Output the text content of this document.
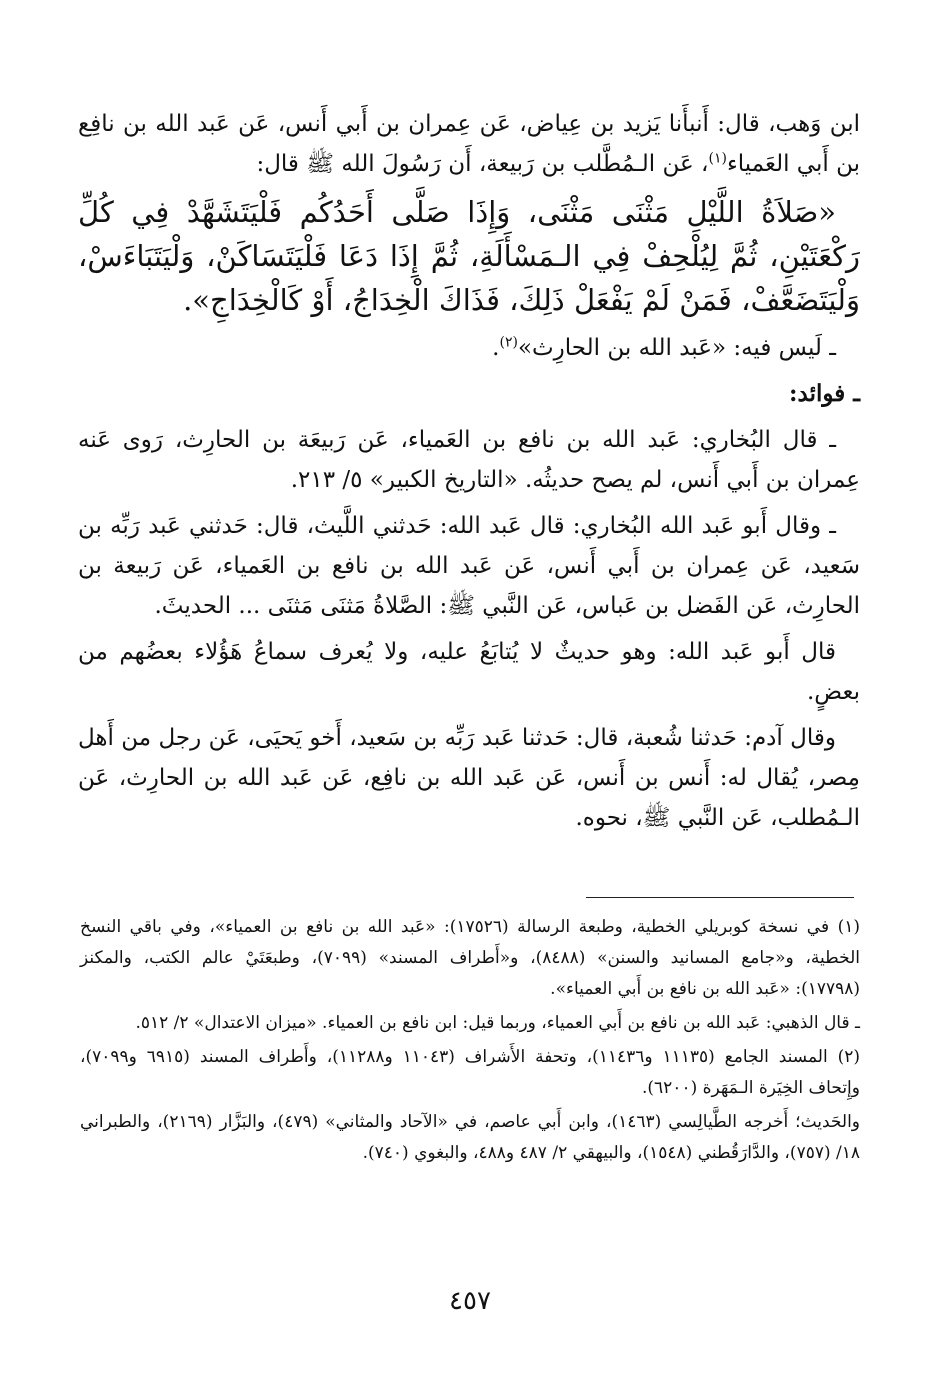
ابن وَهب، قال: أَنبأَنا يَزيد بن عِياض، عَن عِمران بن أَبي أَنس، عَن عَبد الله بن نافِع بن أَبي العَمياء$^{(١)}$، عَن الـمُطَّلب بن رَبيعة، أَن رَسُولَ الله ﷺ قال:

«صَلاَةُ اللَّيْلِ مَثْنَى مَثْنَى، وَإِذَا صَلَّى أَحَدُكُم فَلْيَتَشَهَّدْ فِي كُلِّ رَكْعَتَيْنِ، ثُمَّ لِيُلْحِفْ فِي الـمَسْأَلَةِ، ثُمَّ إِذَا دَعَا فَلْيَتَسَاكَنْ، وَلْيَتَبَاءَسْ، وَلْيَتَضَعَّفْ، فَمَنْ لَمْ يَفْعَلْ ذَلِكَ، فَذَاكَ الْخِدَاجُ، أَوْ كَالْخِدَاجِ».

ـ لَيس فيه: «عَبد الله بن الحارِث»$^{(٢)}$.

ـ فوائد:

ـ قال البُخاري: عَبد الله بن نافع بن العَمياء، عَن رَبيعَة بن الحارِث، رَوى عَنه عِمران بن أَبي أَنس، لم يصح حديثُه. «التاريخ الكبير» ٥/ ٢١٣.

ـ وقال أَبو عَبد الله البُخاري: قال عَبد الله: حَدثني اللَّيث، قال: حَدثني عَبد رَبِّه بن سَعيد، عَن عِمران بن أَبي أَنس، عَن عَبد الله بن نافع بن العَمياء، عَن رَبيعة بن الحارِث، عَن الفَضل بن عَباس، عَن النَّبي ﷺ: الصَّلاةُ مَثنَى مَثنَى ... الحديثَ.

قال أَبو عَبد الله: وهو حديثٌ لا يُتابَعُ عليه، ولا يُعرف سماعُ هَؤُلاء بعضُهم من بعضٍ.

وقال آدم: حَدثنا شُعبة، قال: حَدثنا عَبد رَبِّه بن سَعيد، أَخو يَحيَى، عَن رجل من أَهل مِصر، يُقال له: أَنس بن أَنس، عَن عَبد الله بن نافِع، عَن عَبد الله بن الحارِث، عَن الـمُطلب، عَن النَّبي ﷺ، نحوه.

(١) في نسخة كوبريلي الخطية، وطبعة الرسالة (١٧٥٢٦): «عَبد الله بن نافع بن العمياء»، وفي باقي النسخ الخطية، و«جامع المسانيد والسنن» (٨٤٨٨)، و«أَطراف المسند» (٧٠٩٩)، وطبعَتَيْ عالم الكتب، والمكنز (١٧٧٩٨): «عَبد الله بن نافع بن أَبي العمياء».

ـ قال الذهبي: عَبد الله بن نافع بن أَبي العمياء، وربما قيل: ابن نافع بن العمياء. «ميزان الاعتدال» ٢/ ٥١٢.

(٢) المسند الجامع (١١١٣٥ و١١٤٣٦)، وتحفة الأَشراف (١١٠٤٣ و١١٢٨٨)، وأَطراف المسند (٦٩١٥ و٧٠٩٩)، وإِتحاف الخِيَرة الـمَهَرة (٦٢٠٠).

والحَديث؛ أَخرجه الطَّيالِسي (١٤٦٣)، وابن أَبي عاصم، في «الآحاد والمثاني» (٤٧٩)، والبَزَّار (٢١٦٩)، والطبراني ١٨/ (٧٥٧)، والدَّارَقُطني (١٥٤٨)، والبيهقي ٢/ ٤٨٧ و٤٨٨، والبغوي (٧٤٠).

٤٥٧
